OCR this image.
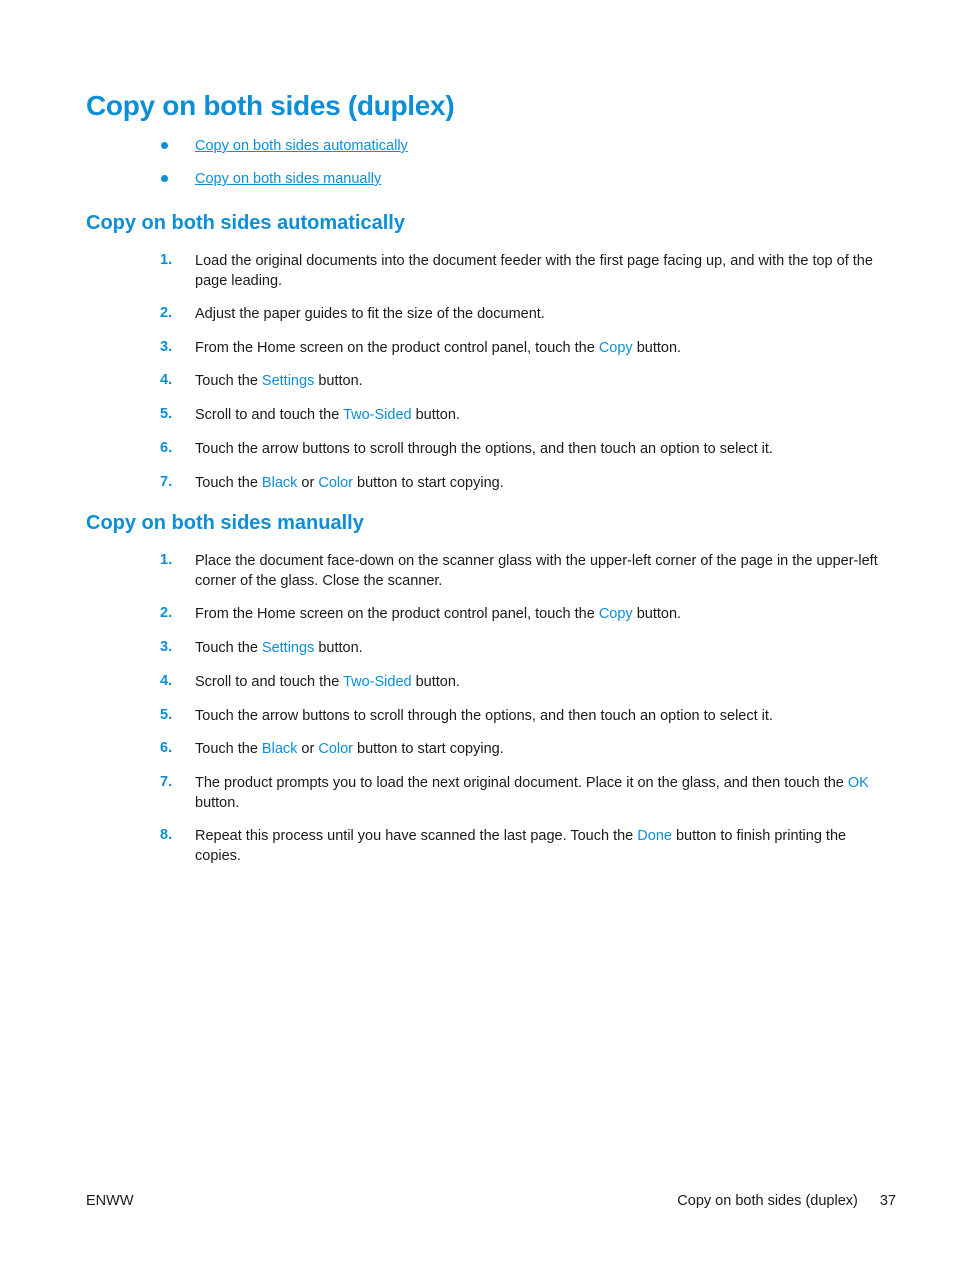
Copy on both sides (duplex)
Copy on both sides automatically
Copy on both sides manually
Copy on both sides automatically
1. Load the original documents into the document feeder with the first page facing up, and with the top of the page leading.
2. Adjust the paper guides to fit the size of the document.
3. From the Home screen on the product control panel, touch the Copy button.
4. Touch the Settings button.
5. Scroll to and touch the Two-Sided button.
6. Touch the arrow buttons to scroll through the options, and then touch an option to select it.
7. Touch the Black or Color button to start copying.
Copy on both sides manually
1. Place the document face-down on the scanner glass with the upper-left corner of the page in the upper-left corner of the glass. Close the scanner.
2. From the Home screen on the product control panel, touch the Copy button.
3. Touch the Settings button.
4. Scroll to and touch the Two-Sided button.
5. Touch the arrow buttons to scroll through the options, and then touch an option to select it.
6. Touch the Black or Color button to start copying.
7. The product prompts you to load the next original document. Place it on the glass, and then touch the OK button.
8. Repeat this process until you have scanned the last page. Touch the Done button to finish printing the copies.
ENWW	Copy on both sides (duplex) 37
